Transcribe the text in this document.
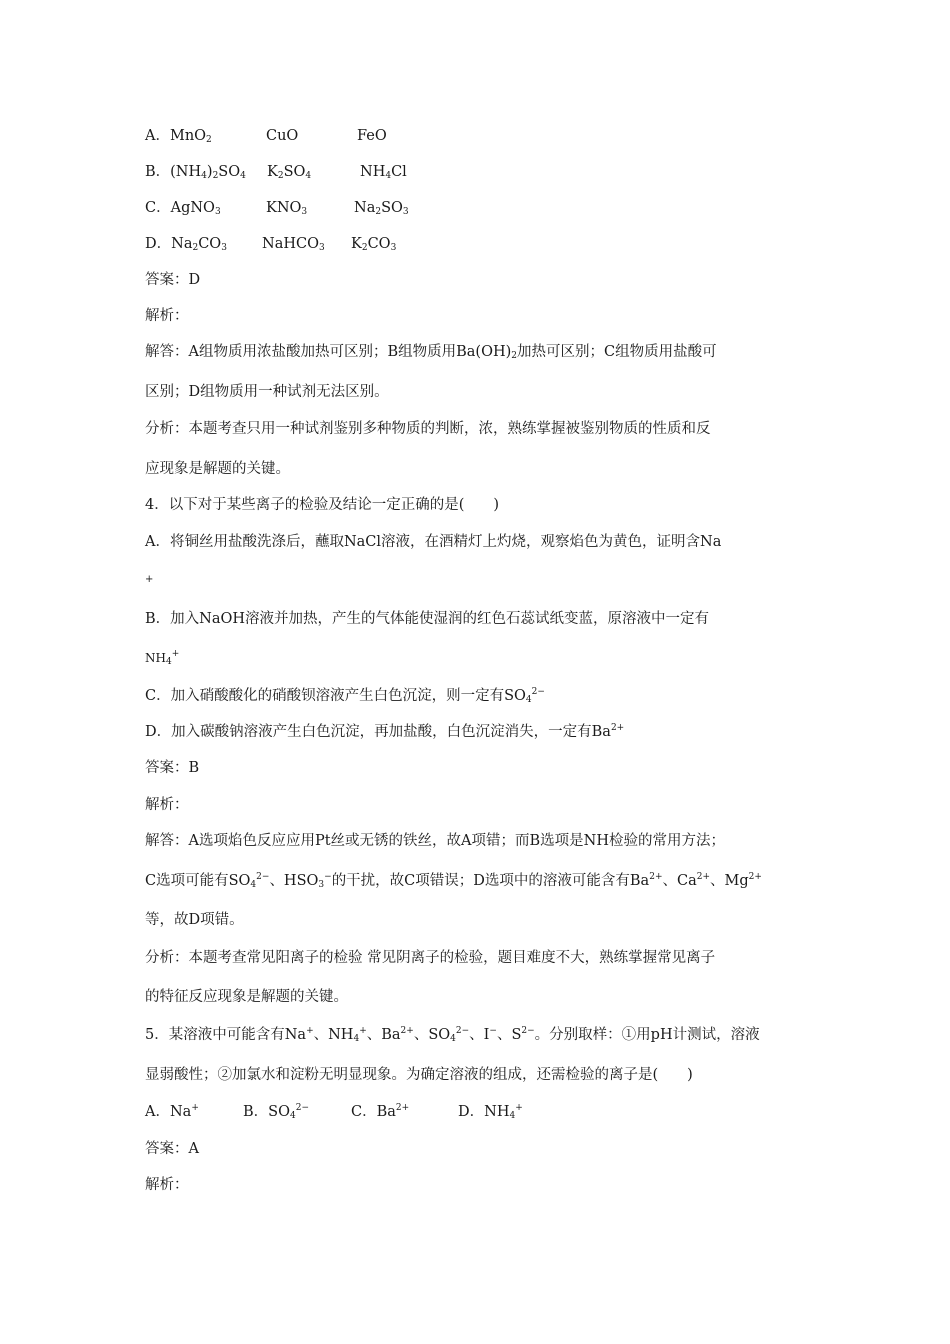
A．MnO$_2$	CuO	FeO
B．$(NH_4)_2SO_4$ $K_2SO_4$	$NH_4Cl$
C．AgNO$_3$	$KNO_3$	$Na_2SO_3$
D．$Na_2CO_3$ NaHCO$_3$ $K_2CO_3$
答案：D
解析：
解答：A组物质用浓盐酸加热可区别；B组物质用$Ba(OH)_2$加热可区别；C组物质用盐酸可
区别；D组物质用一种试剂无法区别。
分析：本题考查只用一种试剂鉴别多种物质的判断，浓，熟练掌握被鉴别物质的性质和反
应现象是解题的关键。
4．以下对于某些离子的检验及结论一定正确的是(　　)
A．将铜丝用盐酸洗涤后，蘸取NaCl溶液，在酒精灯上灼烧，观察焰色为黄色，证明含Na
+
B．加入NaOH溶液并加热，产生的气体能使湿润的红色石蕊试纸变蓝，原溶液中一定有
$NH_4^+$
C．加入硝酸酸化的硝酸钡溶液产生白色沉淀，则一定有$SO_4^{2-}$
D．加入碳酸钠溶液产生白色沉淀，再加盐酸，白色沉淀消失，一定有$Ba^{2+}$
答案：B
解析：
解答：A选项焰色反应应用Pt丝或无锈的铁丝，故A项错；而B选项是NH检验的常用方法；
C选项可能有$SO_4^{2-}$、$HSO_3^-$的干扰，故C项错误；D选项中的溶液可能含有$Ba^{2+}$、$Ca^{2+}$、$Mg^{2+}$
等，故D项错。
分析：本题考查常见阳离子的检验 常见阴离子的检验，题目难度不大，熟练掌握常见离子
的特征反应现象是解题的关键。
5．某溶液中可能含有Na+、$NH_4^+$、$Ba^{2+}$、$SO_4^{2-}$、I−、$S^{2-}$。分别取样：①用pH计测试，溶液
显弱酸性；②加氯水和淀粉无明显现象。为确定溶液的组成，还需检验的离子是(　　)
A．Na+	B．$SO_4^{2-}$	C．$Ba^{2+}$	D．$NH_4^+$
答案：A
解析：
